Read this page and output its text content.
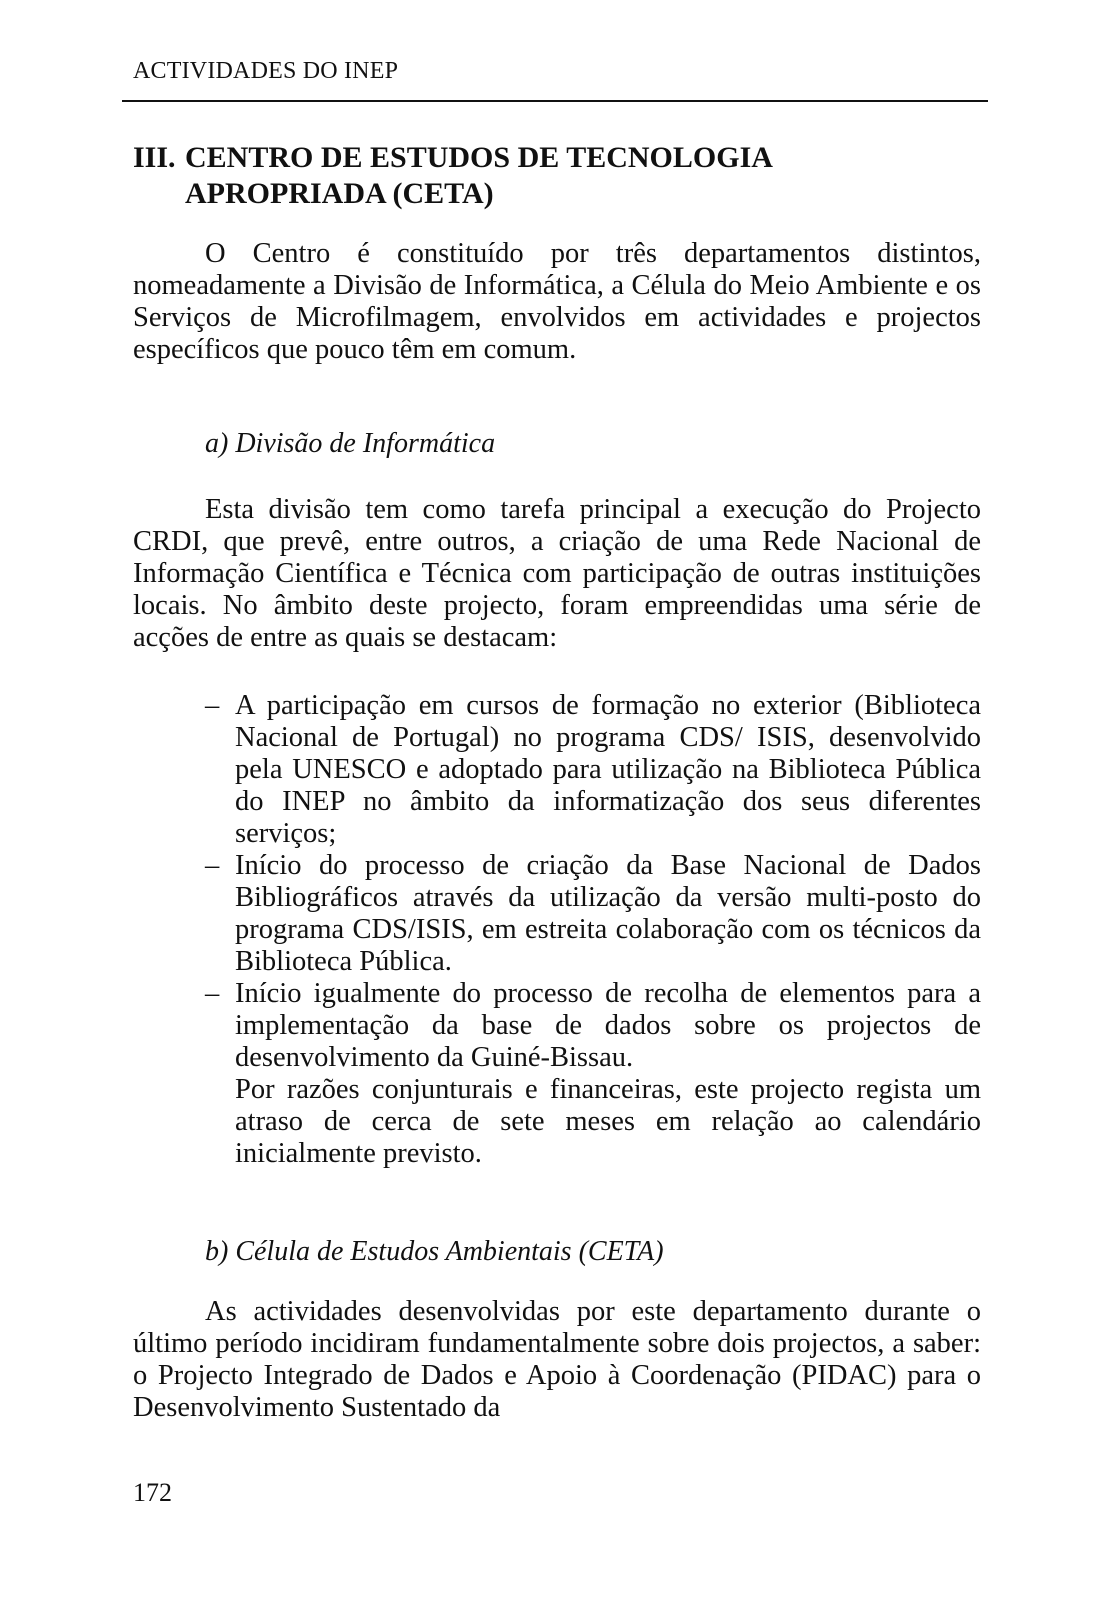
ACTIVIDADES DO INEP
III. CENTRO DE ESTUDOS DE TECNOLOGIA
APROPRIADA (CETA)

O Centro é constituído por três departamentos distintos, nomeadamente a Divisão de Informática, a Célula do Meio Ambiente e os Serviços de Microfilmagem, envolvidos em actividades e projectos específicos que pouco têm em comum.

a) Divisão de Informática

Esta divisão tem como tarefa principal a execução do Projecto CRDI, que prevê, entre outros, a criação de uma Rede Nacional de Informação Científica e Técnica com participação de outras instituições locais. No âmbito deste projecto, foram empreendidas uma série de acções de entre as quais se destacam:

– A participação em cursos de formação no exterior (Biblioteca Nacional de Portugal) no programa CDS/ ISIS, desenvolvido pela UNESCO e adoptado para utilização na Biblioteca Pública do INEP no âmbito da informatização dos seus diferentes serviços;
– Início do processo de criação da Base Nacional de Dados Bibliográficos através da utilização da versão multi-posto do programa CDS/ISIS, em estreita colaboração com os técnicos da Biblioteca Pública.
– Início igualmente do processo de recolha de elementos para a implementação da base de dados sobre os projectos de desenvolvimento da Guiné-Bissau.
Por razões conjunturais e financeiras, este projecto regista um atraso de cerca de sete meses em relação ao calendário inicialmente previsto.

b) Célula de Estudos Ambientais (CETA)

As actividades desenvolvidas por este departamento durante o último período incidiram fundamentalmente sobre dois projectos, a saber: o Projecto Integrado de Dados e Apoio à Coordenação (PIDAC) para o Desenvolvimento Sustentado da

172
